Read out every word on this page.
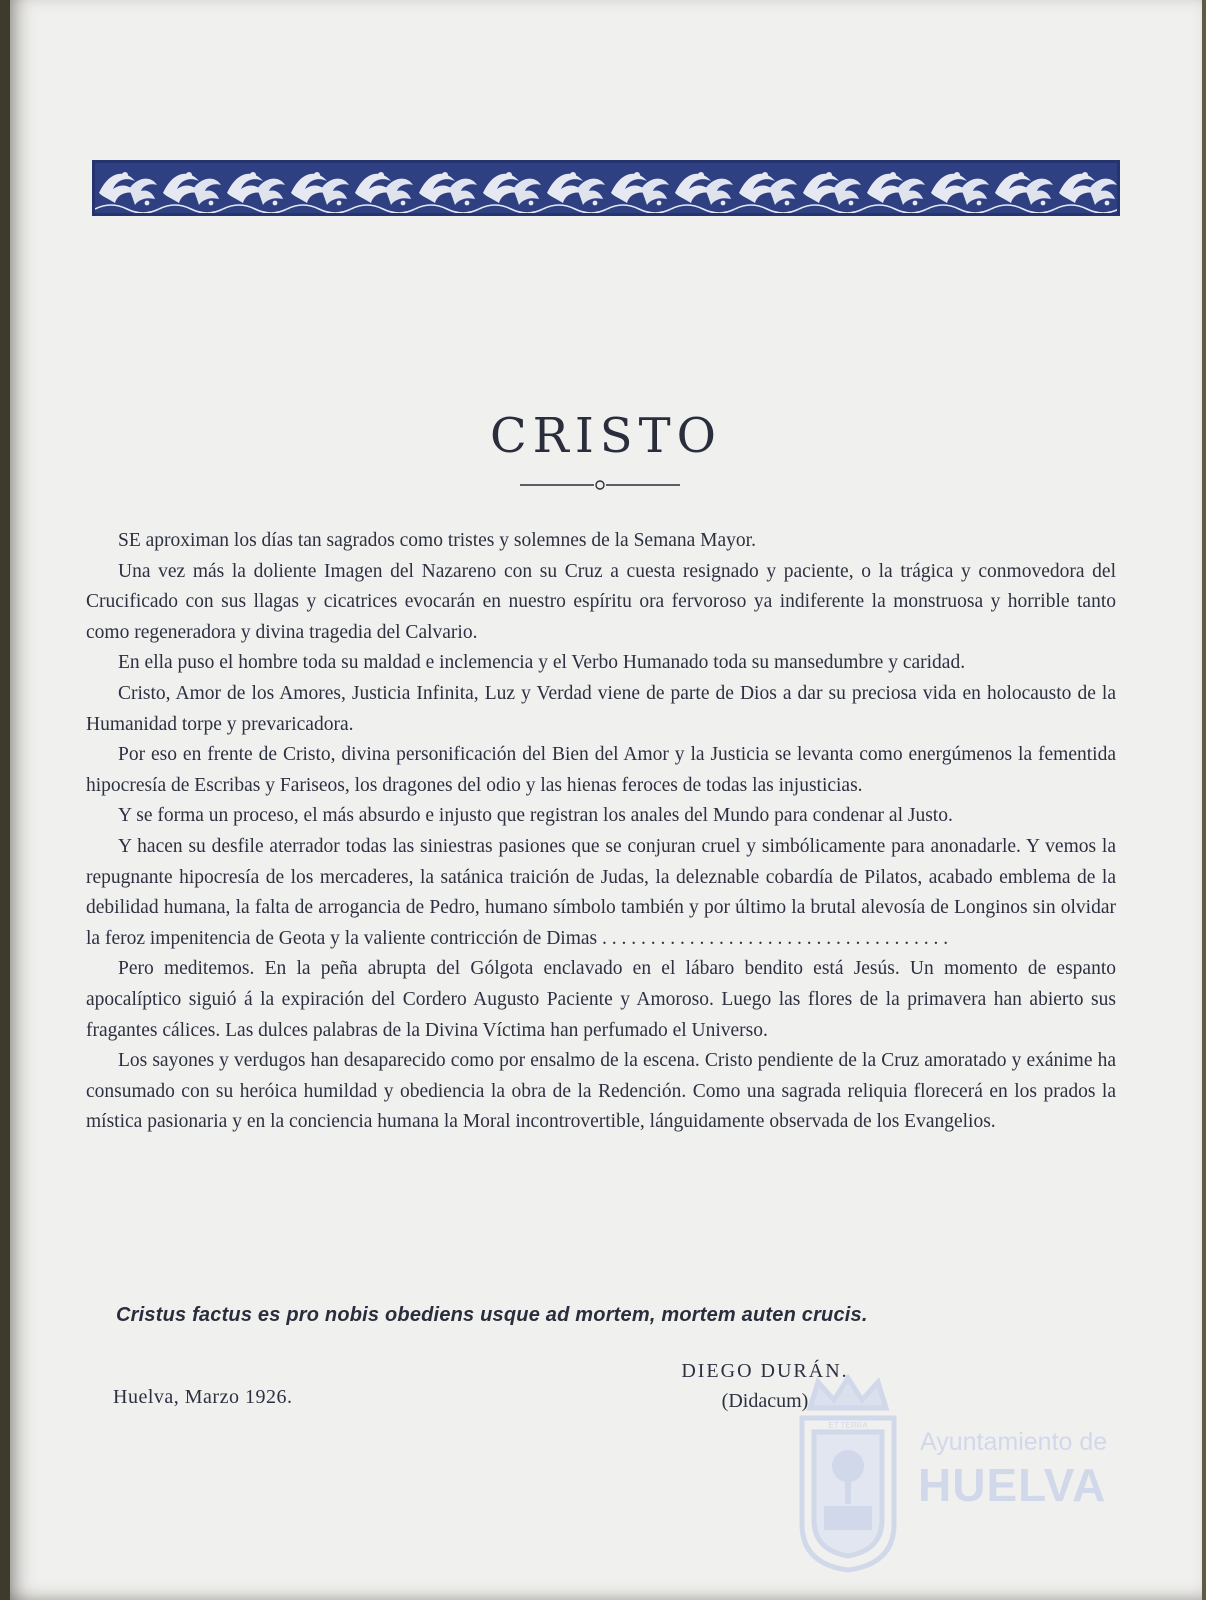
CRISTO

SE aproximan los días tan sagrados como tristes y solemnes de la Semana Mayor.

Una vez más la doliente Imagen del Nazareno con su Cruz a cuesta resignado y paciente, o la trágica y conmovedora del Crucificado con sus llagas y cicatrices evocarán en nuestro espíritu ora fervoroso ya indiferente la monstruosa y horrible tanto como regeneradora y divina tragedia del Calvario.

En ella puso el hombre toda su maldad e inclemencia y el Verbo Humanado toda su mansedumbre y caridad.

Cristo, Amor de los Amores, Justicia Infinita, Luz y Verdad viene de parte de Dios a dar su preciosa vida en holocausto de la Humanidad torpe y prevaricadora.

Por eso en frente de Cristo, divina personificación del Bien del Amor y la Justicia se levanta como energúmenos la fementida hipocresía de Escribas y Fariseos, los dragones del odio y las hienas feroces de todas las injusticias.

Y se forma un proceso, el más absurdo e injusto que registran los anales del Mundo para condenar al Justo.

Y hacen su desfile aterrador todas las siniestras pasiones que se conjuran cruel y simbólicamente para anonadarle. Y vemos la repugnante hipocresía de los mercaderes, la satánica traición de Judas, la deleznable cobardía de Pilatos, acabado emblema de la debilidad humana, la falta de arrogancia de Pedro, humano símbolo también y por último la brutal alevosía de Longinos sin olvidar la feroz impenitencia de Geota y la valiente contricción de Dimas . . . . . . . . . . . . . . . . . . . . . . . . . . . . . . . . . . . .

Pero meditemos. En la peña abrupta del Gólgota enclavado en el lábaro bendito está Jesús. Un momento de espanto apocalíptico siguió á la expiración del Cordero Augusto Paciente y Amoroso. Luego las flores de la primavera han abierto sus fragantes cálices. Las dulces palabras de la Divina Víctima han perfumado el Universo.

Los sayones y verdugos han desaparecido como por ensalmo de la escena. Cristo pendiente de la Cruz amoratado y exánime ha consumado con su heróica humildad y obediencia la obra de la Redención. Como una sagrada reliquia florecerá en los prados la mística pasionaria y en la conciencia humana la Moral incontrovertible, lánguidamente observada de los Evangelios.

Cristus factus es pro nobis obediens usque ad mortem, mortem auten crucis.
DIEGO DURÁN.
(Didacum)
Huelva, Marzo 1926.
ET TERRA
Ayuntamiento de
HUELVA
